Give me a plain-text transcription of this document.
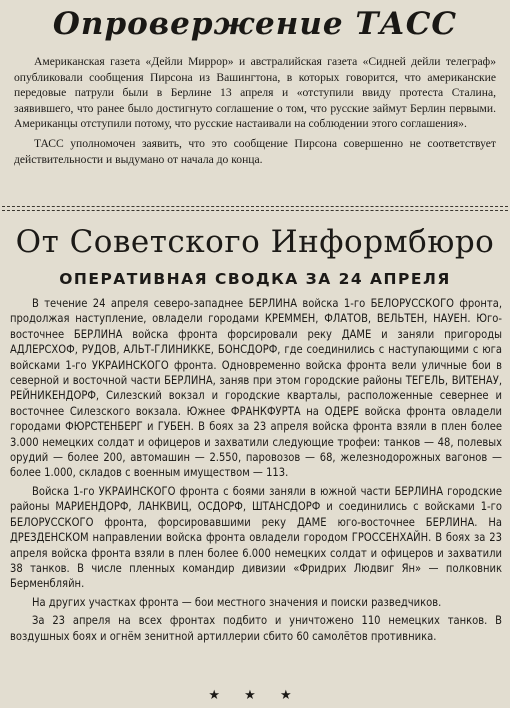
Опровержение ТАСС

Американская газета «Дейли Миррор» и австралийская газета «Сидней дейли телеграф» опубликовали сообщения Пирсона из Вашингтона, в которых говорится, что американские передовые патрули были в Берлине 13 апреля и «отступили ввиду протеста Сталина, заявившего, что ранее было достигнуто соглашение о том, что русские займут Берлин первыми. Американцы отступили потому, что русские настаивали на соблюдении этого соглашения».

ТАСС уполномочен заявить, что это сообщение Пирсона совершенно не соответствует действительности и выдумано от начала до конца.

От Советского Информбюро
ОПЕРАТИВНАЯ СВОДКА ЗА 24 АПРЕЛЯ

В течение 24 апреля северо-западнее БЕРЛИНА войска 1-го БЕЛОРУССКОГО фронта, продолжая наступление, овладели городами КРЕММЕН, ФЛАТОВ, ВЕЛЬТЕН, НАУЕН. Юго-восточнее БЕРЛИНА войска фронта форсировали реку ДАМЕ и заняли пригороды АДЛЕРСХОФ, РУДОВ, АЛЬТ-ГЛИНИККЕ, БОНСДОРФ, где соединились с наступающими с юга войсками 1-го УКРАИНСКОГО фронта. Одновременно войска фронта вели уличные бои в северной и восточной части БЕРЛИНА, заняв при этом городские районы ТЕГЕЛЬ, ВИТЕНАУ, РЕЙНИКЕНДОРФ, Силезский вокзал и городские кварталы, расположенные севернее и восточнее Силезского вокзала. Южнее ФРАНКФУРТА на ОДЕРЕ войска фронта овладели городами ФЮРСТЕНБЕРГ и ГУБЕН. В боях за 23 апреля войска фронта взяли в плен более 3.000 немецких солдат и офицеров и захватили следующие трофеи: танков — 48, полевых орудий — более 200, автомашин — 2.550, паровозов — 68, железнодорожных вагонов — более 1.000, складов с военным имуществом — 113.

Войска 1-го УКРАИНСКОГО фронта с боями заняли в южной части БЕРЛИНА городские районы МАРИЕНДОРФ, ЛАНКВИЦ, ОСДОРФ, ШТАНСДОРФ и соединились с войсками 1-го БЕЛОРУССКОГО фронта, форсировавшими реку ДАМЕ юго-восточнее БЕРЛИНА. На ДРЕЗДЕНСКОМ направлении войска фронта овладели городом ГРОССЕНХАЙН. В боях за 23 апреля войска фронта взяли в плен более 6.000 немецких солдат и офицеров и захватили 38 танков. В числе пленных командир дивизии «Фридрих Людвиг Ян» — полковник Берменбляйн.

На других участках фронта — бои местного значения и поиски разведчиков.

За 23 апреля на всех фронтах подбито и уничтожено 110 немецких танков. В воздушных боях и огнём зенитной артиллерии сбито 60 самолётов противника.

★ ★ ★
